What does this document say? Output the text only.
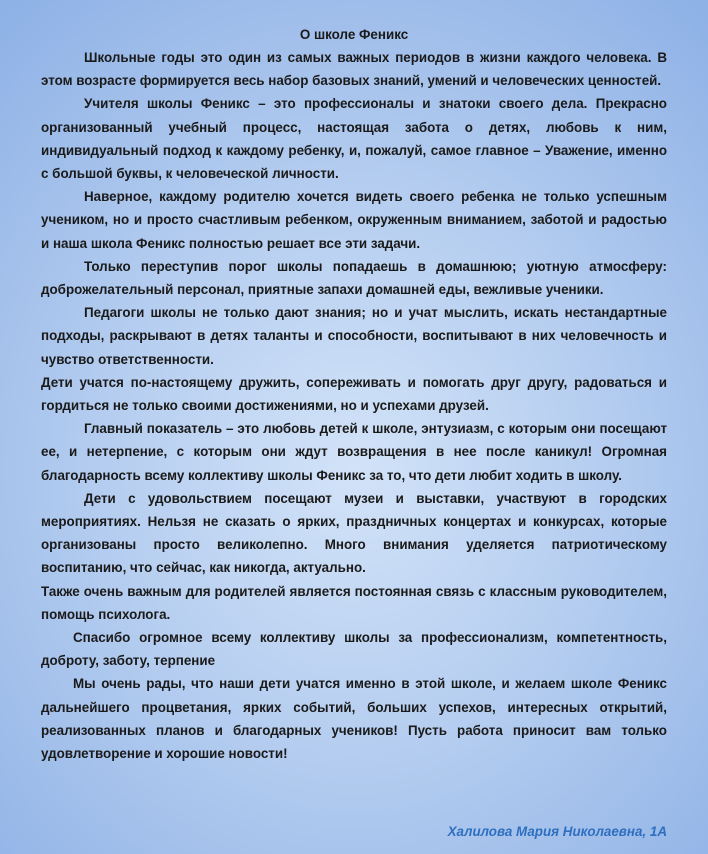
О школе Феникс

Школьные годы это один из самых важных периодов в жизни каждого человека. В этом возрасте формируется весь набор базовых знаний, умений и человеческих ценностей.

Учителя школы Феникс – это профессионалы и знатоки своего дела. Прекрасно организованный учебный процесс, настоящая забота о детях, любовь к ним, индивидуальный подход к каждому ребенку, и, пожалуй, самое главное – Уважение, именно с большой буквы, к человеческой личности.

Наверное, каждому родителю хочется видеть своего ребенка не только успешным учеником, но и просто счастливым ребенком, окруженным вниманием, заботой и радостью и наша школа Феникс полностью решает все эти задачи.

Только переступив порог школы попадаешь в домашнюю; уютную атмосферу: доброжелательный персонал, приятные запахи домашней еды, вежливые ученики.

Педагоги школы не только дают знания; но и учат мыслить, искать нестандартные подходы, раскрывают в детях таланты и способности, воспитывают в них человечность и чувство ответственности.

Дети учатся по-настоящему дружить, сопереживать и помогать друг другу, радоваться и гордиться не только своими достижениями, но и успехами друзей.

Главный показатель – это любовь детей к школе, энтузиазм, с которым они посещают ее, и нетерпение, с которым они ждут возвращения в нее после каникул! Огромная благодарность всему коллективу школы Феникс за то, что дети любит ходить в школу.

Дети с удовольствием посещают музеи и выставки, участвуют в городских мероприятиях. Нельзя не сказать о ярких, праздничных концертах и конкурсах, которые организованы просто великолепно. Много внимания уделяется патриотическому воспитанию, что сейчас, как никогда, актуально.

Также очень важным для родителей является постоянная связь с классным руководителем, помощь психолога.

Спасибо огромное всему коллективу школы за профессионализм, компетентность, доброту, заботу, терпение

Мы очень рады, что наши дети учатся именно в этой школе, и желаем школе Феникс дальнейшего процветания, ярких событий, больших успехов, интересных открытий, реализованных планов и благодарных учеников! Пусть работа приносит вам только удовлетворение и хорошие новости!

Халилова Мария Николаевна, 1А
